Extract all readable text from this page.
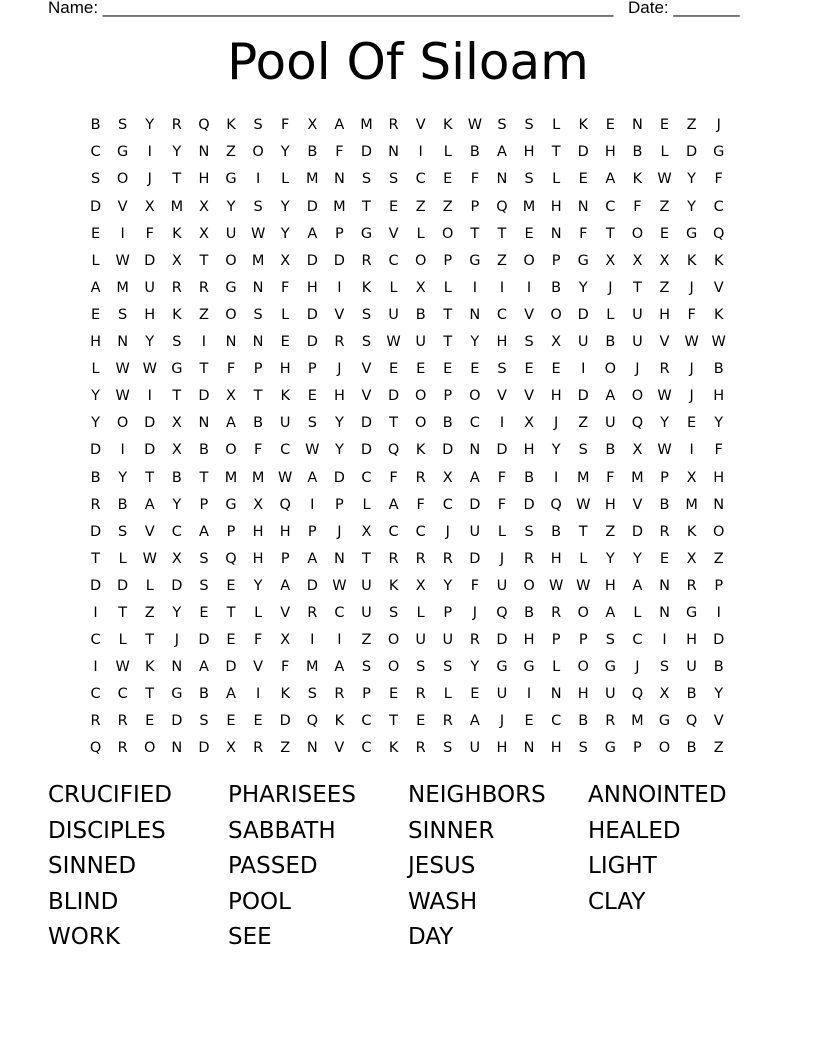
Name: ______________________________________________________ Date: _______
Pool Of Siloam
B	S	Y	R	Q	K	S	F	X	A	M	R	V	K	W	S	S	L	K	E	N	E	Z	J
C	G	I	Y	N	Z	O	Y	B	F	D	N	I	L	B	A	H	T	D	H	B	L	D	G
S	O	J	T	H	G	I	L	M	N	S	S	C	E	F	N	S	L	E	A	K	W	Y	F
D	V	X	M	X	Y	S	Y	D	M	T	E	Z	Z	P	Q	M	H	N	C	F	Z	Y	C
E	I	F	K	X	U	W	Y	A	P	G	V	L	O	T	T	E	N	F	T	O	E	G	Q
L	W D	X	T	O	M	X	D	D	R	C	O	P	G	Z	O	P	G	X	X	X	K	K
A	M	U	R	R	G	N	F	H	I	K	L	X	L	I	I	I	B	Y	J	T	Z	J	V
E	S	H	K	Z	O	S	L	D	V	S	U	B	T	N	C	V	O	D	L	U	H	F	K
H	N	Y	S	I	N	N	E	D	R	S	W	U	T	Y	H	S	X	U	B	U	V	W W
L	W W G	T	F	P	H	P	J	V	E	E	E	E	S	E	E	I	O	J	R	J	B
Y	W	I	T	D	X	T	K	E	H	V	D	O	P	O	V	V	H	D	A	O W	J	H
Y	O	D	X	N	A	B	U	S	Y	D	T	O	B	C	I	X	J	Z	U	Q	Y	E	Y
D	I	D	X	B	O	F	C	W	Y	D	Q	K	D	N	D	H	Y	S	B	X	W	I	F
B	Y	T	B	T	M	M W	A	D	C	F	R	X	A	F	B	I	M	F	M	P	X	H
R	B	A	Y	P	G	X	Q	I	P	L	A	F	C	D	F	D	Q W H	V	B	M	N
D	S	V	C	A	P	H	H	P	J	X	C	C	J	U	L	S	B	T	Z	D	R	K	O
T	L	W	X	S	Q	H	P	A	N	T	R	R	R	D	J	R	H	L	Y	Y	E	X	Z
D	D	L	D	S	E	Y	A	D W	U	K	X	Y	F	U	O W W H	A	N	R	P
I	T	Z	Y	E	T	L	V	R	C	U	S	L	P	J	Q	B	R	O	A	L	N	G	I
C	L	T	J	D	E	F	X	I	I	Z	O	U	U	R	D	H	P	P	S	C	I	H	D
I	W	K	N	A	D	V	F	M	A	S	O	S	S	Y	G	G	L	O	G	J	S	U	B
C	C	T	G	B	A	I	K	S	R	P	E	R	L	E	U	I	N	H	U	Q	X	B	Y
R	R	E	D	S	E	E	D	Q	K	C	T	E	R	A	J	E	C	B	R	M	G	Q	V
Q	R	O	N	D	X	R	Z	N	V	C	K	R	S	U	H	N	H	S	G	P	O	B	Z
CRUCIFIED	PHARISEES	NEIGHBORS	ANNOINTED
DISCIPLES	SABBATH	SINNER	HEALED
SINNED	PASSED	JESUS	LIGHT
BLIND	POOL	WASH	CLAY
WORK	SEE	DAY
